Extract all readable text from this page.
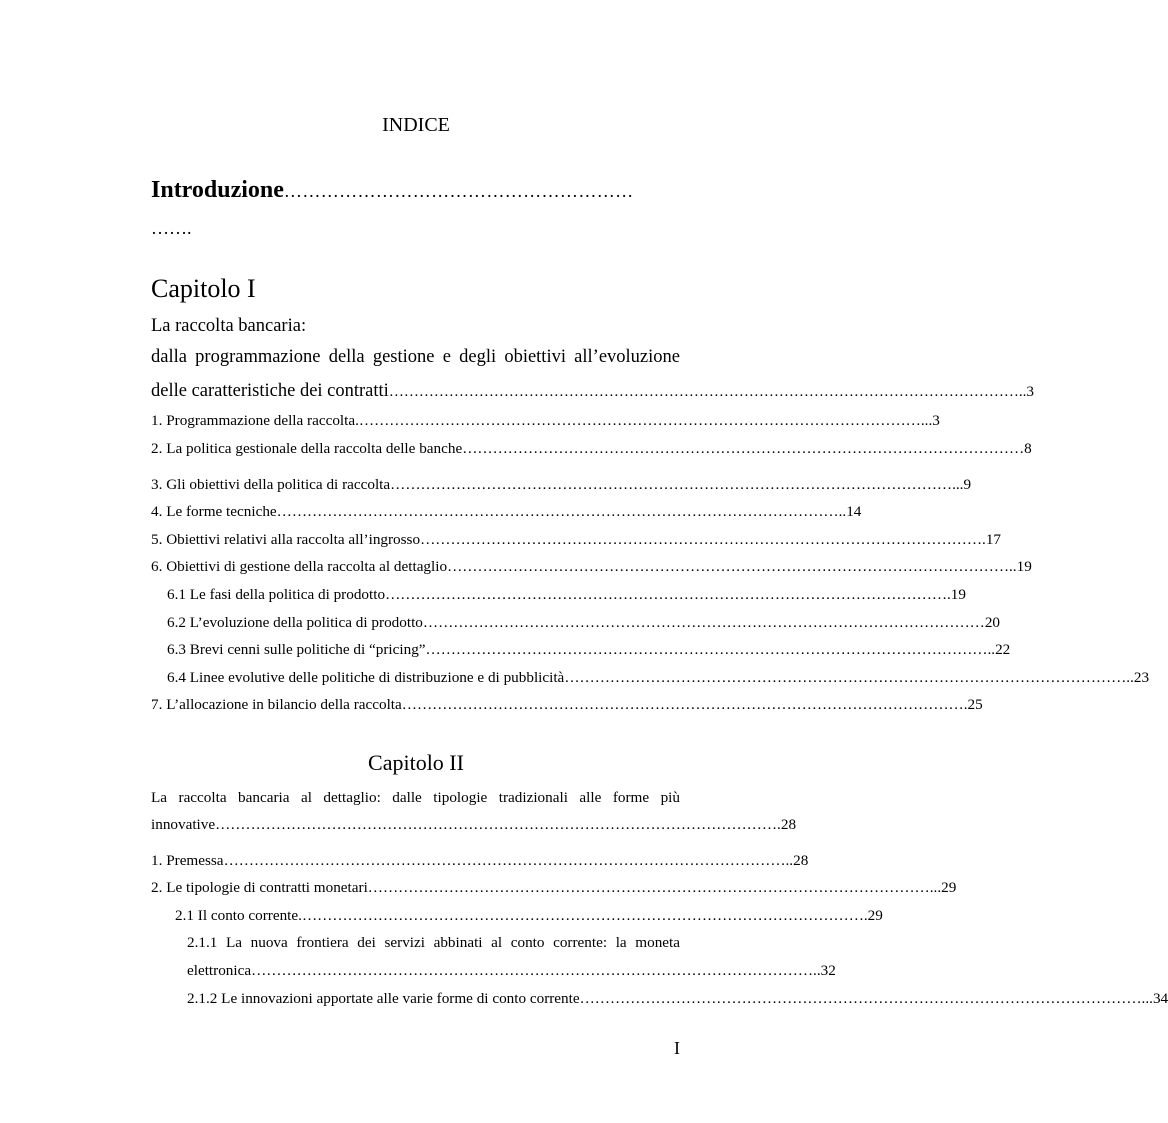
INDICE
Introduzione…………………………………………………
…….
Capitolo I
La raccolta bancaria:
dalla programmazione della gestione e degli obiettivi all’evoluzione
delle caratteristiche dei contratti ……………………………………………………………………………………………………………… ..3
1. Programmazione della raccolta. ………………………………………………………………………………………………… ...3
2. La politica gestionale della raccolta delle banche ………………………………………………………………………………………………… 8
3. Gli obiettivi della politica di raccolta ………………………………………………………………………………………………… ...9
4. Le forme tecniche ………………………………………………………………………………………………… ..14
5. Obiettivi relativi alla raccolta all’ingrosso ………………………………………………………………………………………………… .17
6. Obiettivi di gestione della raccolta al dettaglio ………………………………………………………………………………………………… ..19
6.1 Le fasi della politica di prodotto ………………………………………………………………………………………………… .19
6.2 L’evoluzione della politica di prodotto ………………………………………………………………………………………………… 20
6.3 Brevi cenni sulle politiche di “pricing” ………………………………………………………………………………………………… ..22
6.4 Linee evolutive delle politiche di distribuzione e di pubblicità ………………………………………………………………………………………………… ..23
7. L’allocazione in bilancio della raccolta ………………………………………………………………………………………………… .25
Capitolo II
La raccolta bancaria al dettaglio: dalle tipologie tradizionali alle forme più
innovative ………………………………………………………………………………………………… .28
1. Premessa ………………………………………………………………………………………………… ..28
2. Le tipologie di contratti monetari ………………………………………………………………………………………………… ...29
2.1 Il conto corrente. ………………………………………………………………………………………………… .29
2.1.1 La nuova frontiera dei servizi abbinati al conto corrente: la moneta
elettronica ………………………………………………………………………………………………… ..32
2.1.2 Le innovazioni apportate alle varie forme di conto corrente ………………………………………………………………………………………………… ...34
I
